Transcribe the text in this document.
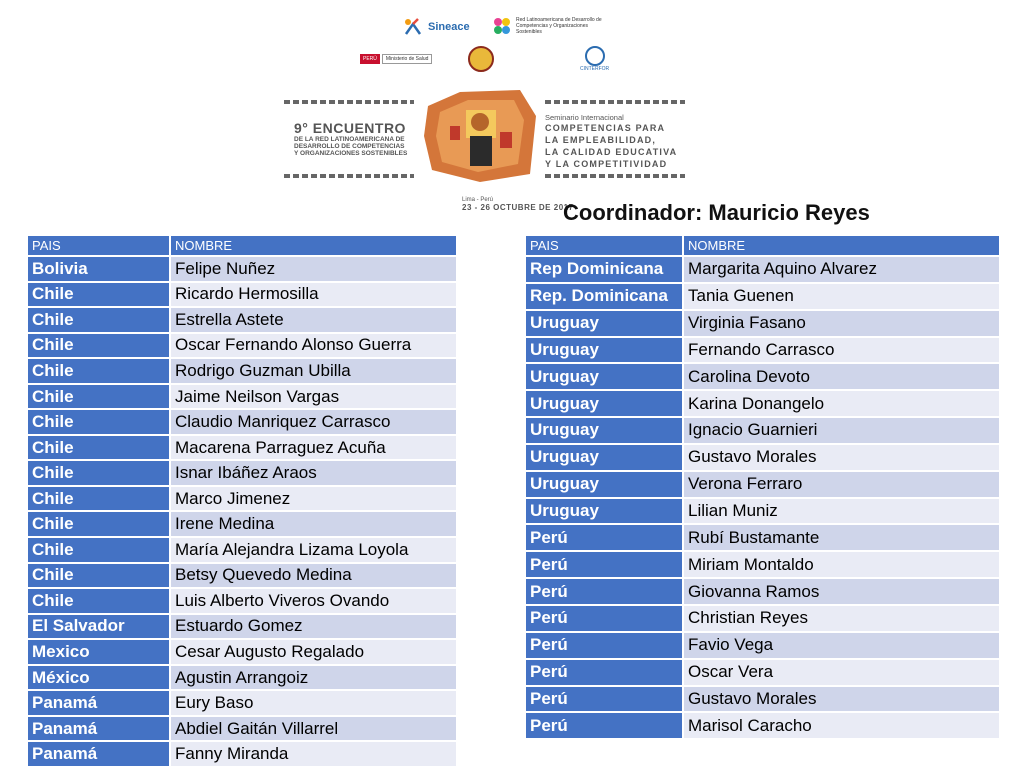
Sineace
Red Latinoamericana de Desarrollo de Competencias y Organizaciones Sostenibles
PERÚ	Ministerio de Salud
CINTERFOR
9° ENCUENTRO
DE LA RED LATINOAMERICANA DE
DESARROLLO DE COMPETENCIAS
Y ORGANIZACIONES SOSTENIBLES
Seminario Internacional
COMPETENCIAS PARA
LA EMPLEABILIDAD,
LA CALIDAD EDUCATIVA
Y LA COMPETITIVIDAD
Lima - Perú
23 - 26 OCTUBRE DE 2017
Coordinador: Mauricio Reyes
PAIS	NOMBRE
Bolivia	Felipe Nuñez
Chile	Ricardo Hermosilla
Chile	Estrella Astete
Chile	Oscar Fernando Alonso Guerra
Chile	Rodrigo Guzman Ubilla
Chile	Jaime Neilson Vargas
Chile	Claudio Manriquez Carrasco
Chile	Macarena Parraguez Acuña
Chile	Isnar Ibáñez Araos
Chile	Marco Jimenez
Chile	Irene Medina
Chile	María Alejandra Lizama Loyola
Chile	Betsy Quevedo Medina
Chile	Luis Alberto Viveros Ovando
El Salvador	Estuardo Gomez
Mexico	Cesar Augusto Regalado
México	Agustin Arrangoiz
Panamá	Eury Baso
Panamá	Abdiel Gaitán Villarrel
Panamá	Fanny Miranda
PAIS	NOMBRE
Rep Dominicana	Margarita Aquino Alvarez
Rep. Dominicana	Tania Guenen
Uruguay	Virginia Fasano
Uruguay	Fernando Carrasco
Uruguay	Carolina Devoto
Uruguay	Karina Donangelo
Uruguay	Ignacio Guarnieri
Uruguay	Gustavo Morales
Uruguay	Verona Ferraro
Uruguay	Lilian Muniz
Perú	Rubí Bustamante
Perú	Miriam Montaldo
Perú	Giovanna Ramos
Perú	Christian Reyes
Perú	Favio Vega
Perú	Oscar Vera
Perú	Gustavo Morales
Perú	Marisol Caracho
